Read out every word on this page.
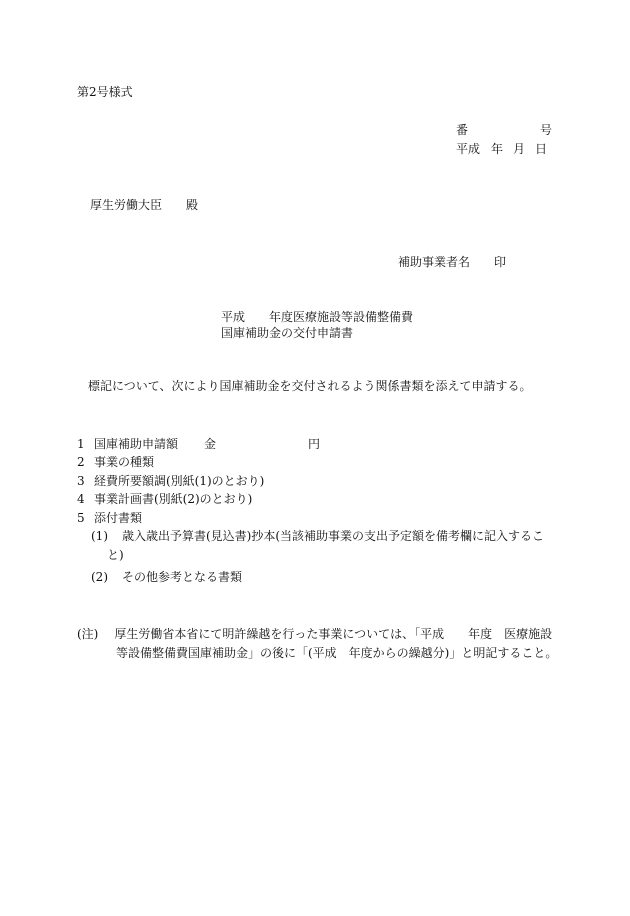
第2号様式
番	号
平成 年 月 日
厚生労働大臣 殿
補助事業者名 印
平成 年度医療施設等設備整備費
国庫補助金の交付申請書
標記について、次により国庫補助金を交付されるよう関係書類を添えて申請する。
1 国庫補助申請額 金	円
2 事業の種類
3 経費所要額調(別紙(1)のとおり)
4 事業計画書(別紙(2)のとおり)
5 添付書類
(1) 歳入歳出予算書(見込書)抄本(当該補助事業の支出予定額を備考欄に記入するこ
と)
(2) その他参考となる書類
(注) 厚生労働省本省にて明許繰越を行った事業については、「平成　　年度　医療施設
等設備整備費国庫補助金」の後に「(平成　年度からの繰越分)」と明記すること。
